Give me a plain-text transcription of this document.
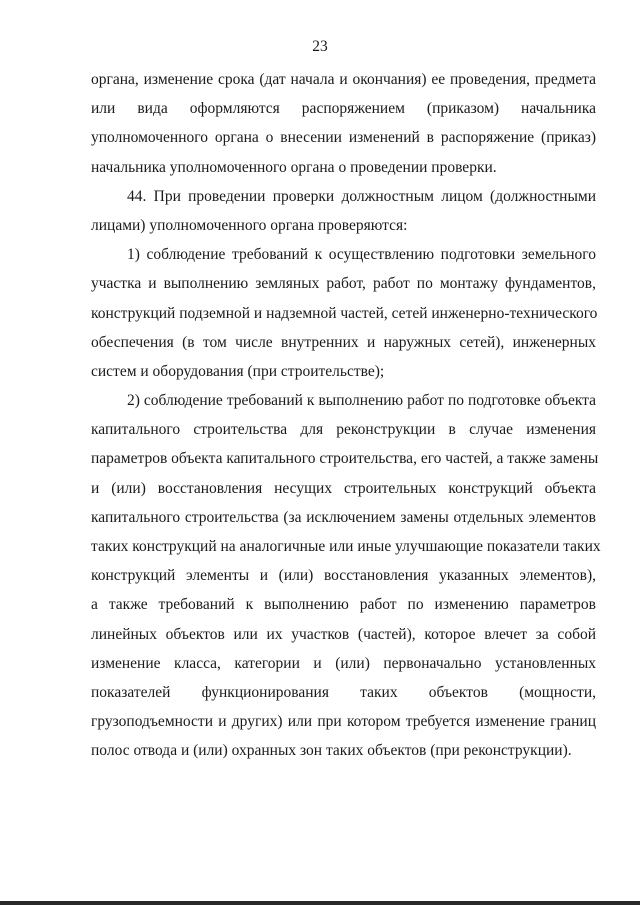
23
органа, изменение срока (дат начала и окончания) ее проведения, предмета
или вида оформляются распоряжением (приказом) начальника
уполномоченного органа о внесении изменений в распоряжение (приказ)
начальника уполномоченного органа о проведении проверки.
44. При проведении проверки должностным лицом (должностными
лицами) уполномоченного органа проверяются:
1) соблюдение требований к осуществлению подготовки земельного
участка и выполнению земляных работ, работ по монтажу фундаментов,
конструкций подземной и надземной частей, сетей инженерно-технического
обеспечения (в том числе внутренних и наружных сетей), инженерных
систем и оборудования (при строительстве);
2) соблюдение требований к выполнению работ по подготовке объекта
капитального строительства для реконструкции в случае изменения
параметров объекта капитального строительства, его частей, а также замены
и (или) восстановления несущих строительных конструкций объекта
капитального строительства (за исключением замены отдельных элементов
таких конструкций на аналогичные или иные улучшающие показатели таких
конструкций элементы и (или) восстановления указанных элементов),
а также требований к выполнению работ по изменению параметров
линейных объектов или их участков (частей), которое влечет за собой
изменение класса, категории и (или) первоначально установленных
показателей функционирования таких объектов (мощности,
грузоподъемности и других) или при котором требуется изменение границ
полос отвода и (или) охранных зон таких объектов (при реконструкции).
